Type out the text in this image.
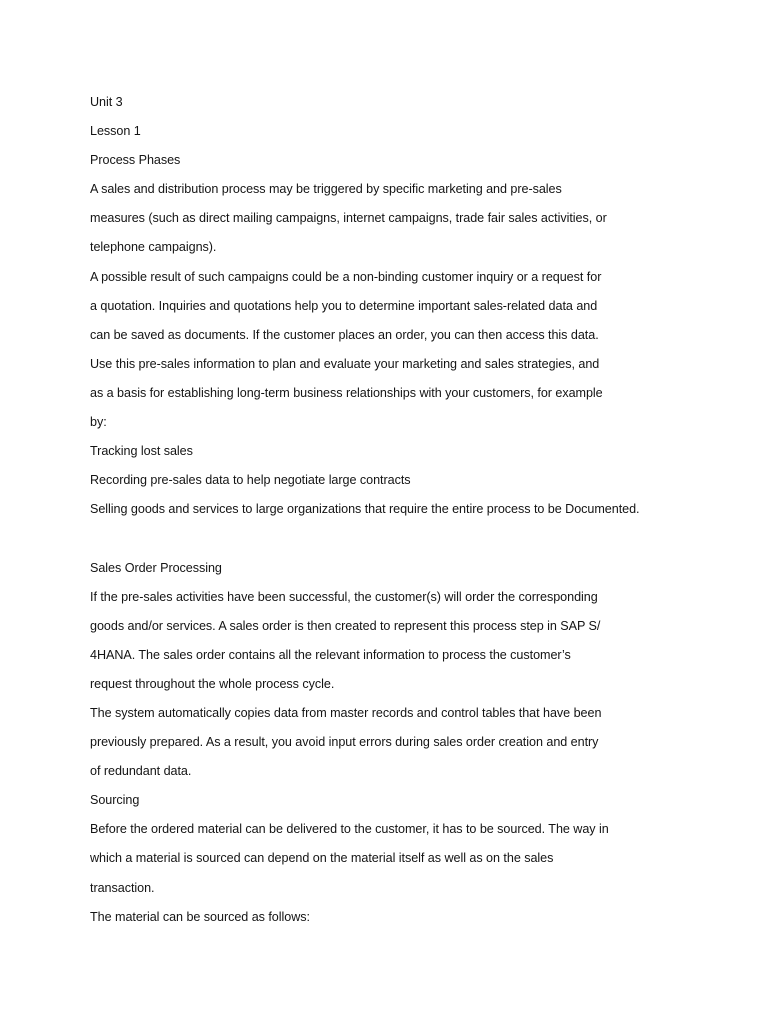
Unit 3
Lesson 1
Process Phases
A sales and distribution process may be triggered by specific marketing and pre-sales
measures (such as direct mailing campaigns, internet campaigns, trade fair sales activities, or
telephone campaigns).
A possible result of such campaigns could be a non-binding customer inquiry or a request for
a quotation. Inquiries and quotations help you to determine important sales-related data and
can be saved as documents. If the customer places an order, you can then access this data.
Use this pre-sales information to plan and evaluate your marketing and sales strategies, and
as a basis for establishing long-term business relationships with your customers, for example
by:
Tracking lost sales
Recording pre-sales data to help negotiate large contracts
Selling goods and services to large organizations that require the entire process to be Documented.
Sales Order Processing
If the pre-sales activities have been successful, the customer(s) will order the corresponding
goods and/or services. A sales order is then created to represent this process step in SAP S/
4HANA. The sales order contains all the relevant information to process the customer’s
request throughout the whole process cycle.
The system automatically copies data from master records and control tables that have been
previously prepared. As a result, you avoid input errors during sales order creation and entry
of redundant data.
Sourcing
Before the ordered material can be delivered to the customer, it has to be sourced. The way in
which a material is sourced can depend on the material itself as well as on the sales
transaction.
The material can be sourced as follows:
